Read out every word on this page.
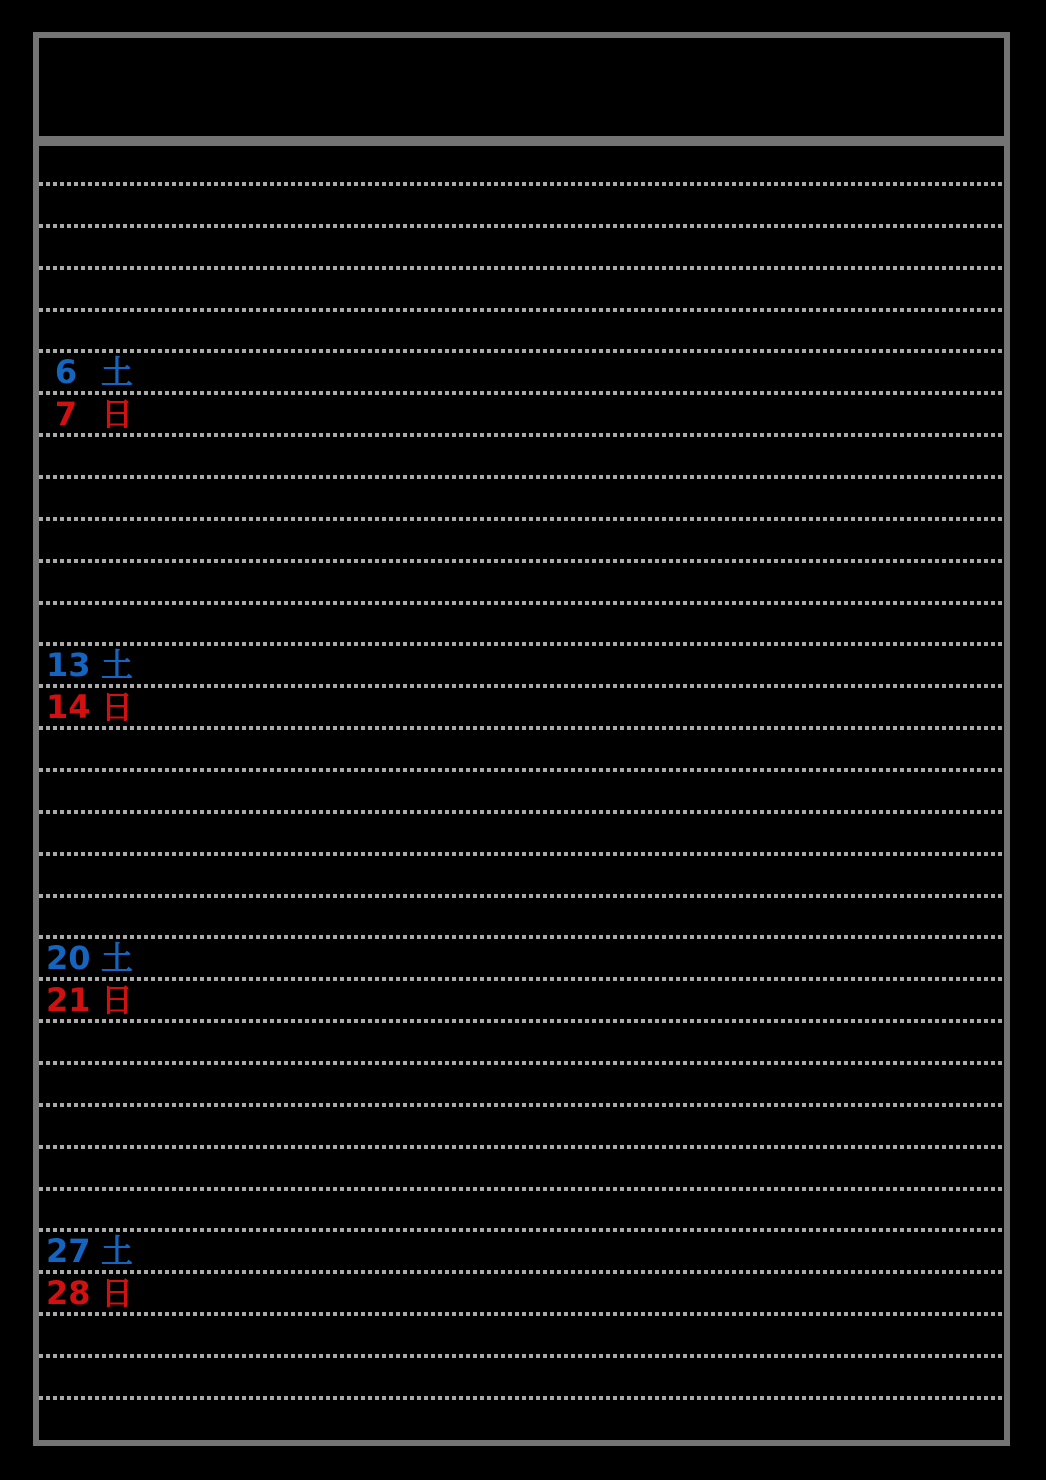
6 土
7 日
13 土
14 日
20 土
21 日
27 土
28 日
